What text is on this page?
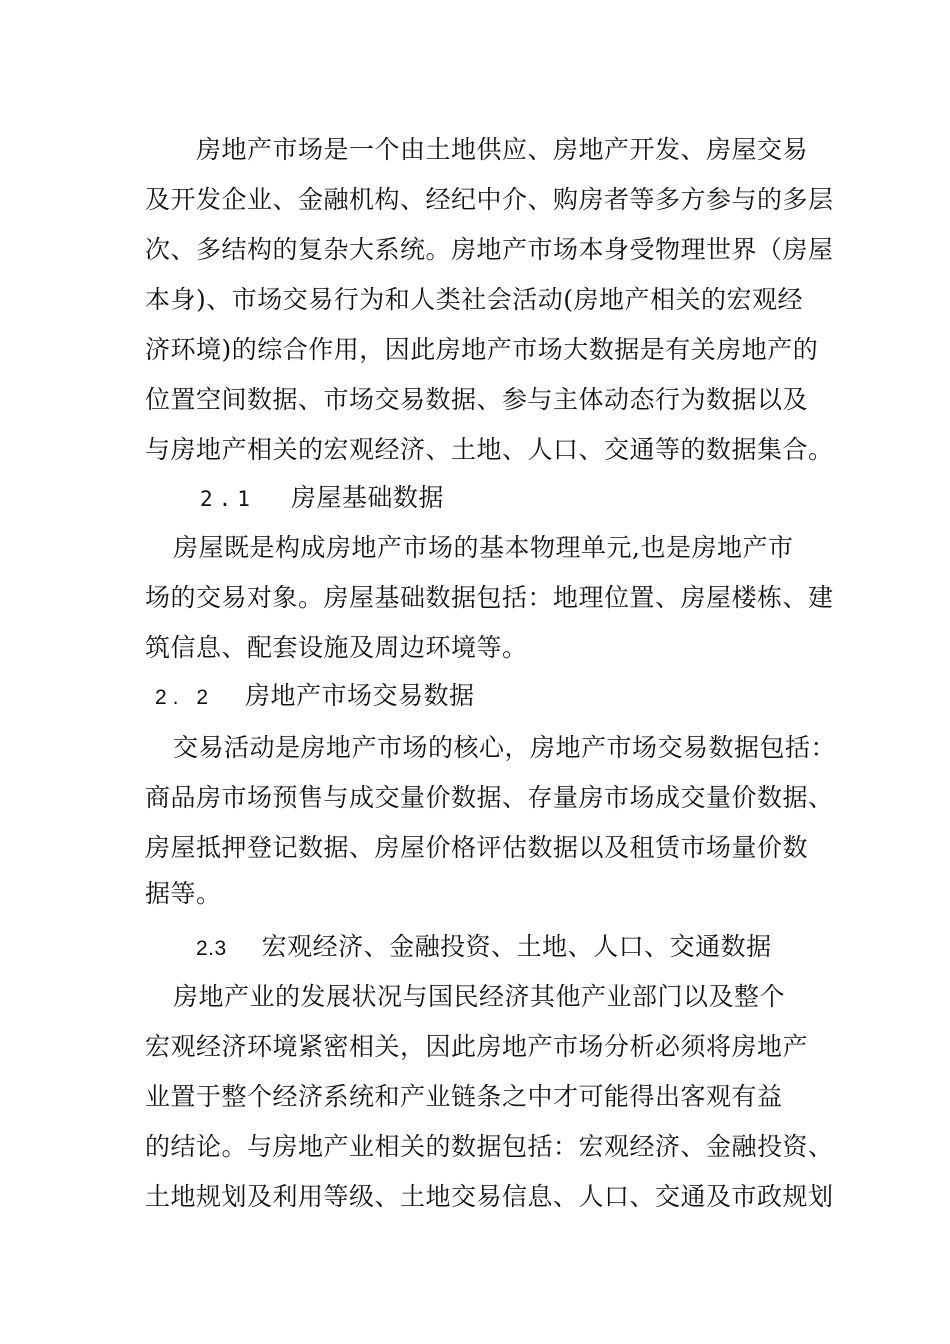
房地产市场是一个由土地供应、房地产开发、房屋交易
及开发企业、金融机构、经纪中介、购房者等多方参与的多层
次、多结构的复杂大系统。房地产市场本身受物理世界（房屋
本身)、市场交易行为和人类社会活动(房地产相关的宏观经
济环境)的综合作用，因此房地产市场大数据是有关房地产的
位置空间数据、市场交易数据、参与主体动态行为数据以及
与房地产相关的宏观经济、土地、人口、交通等的数据集合。
2.1 房屋基础数据
房屋既是构成房地产市场的基本物理单元,也是房地产市
场的交易对象。房屋基础数据包括：地理位置、房屋楼栋、建
筑信息、配套设施及周边环境等。
2. 2 房地产市场交易数据
交易活动是房地产市场的核心，房地产市场交易数据包括：
商品房市场预售与成交量价数据、存量房市场成交量价数据、
房屋抵押登记数据、房屋价格评估数据以及租赁市场量价数
据等。
2.3 宏观经济、金融投资、土地、人口、交通数据
房地产业的发展状况与国民经济其他产业部门以及整个
宏观经济环境紧密相关，因此房地产市场分析必须将房地产
业置于整个经济系统和产业链条之中才可能得出客观有益
的结论。与房地产业相关的数据包括：宏观经济、金融投资、
土地规划及利用等级、土地交易信息、人口、交通及市政规划
